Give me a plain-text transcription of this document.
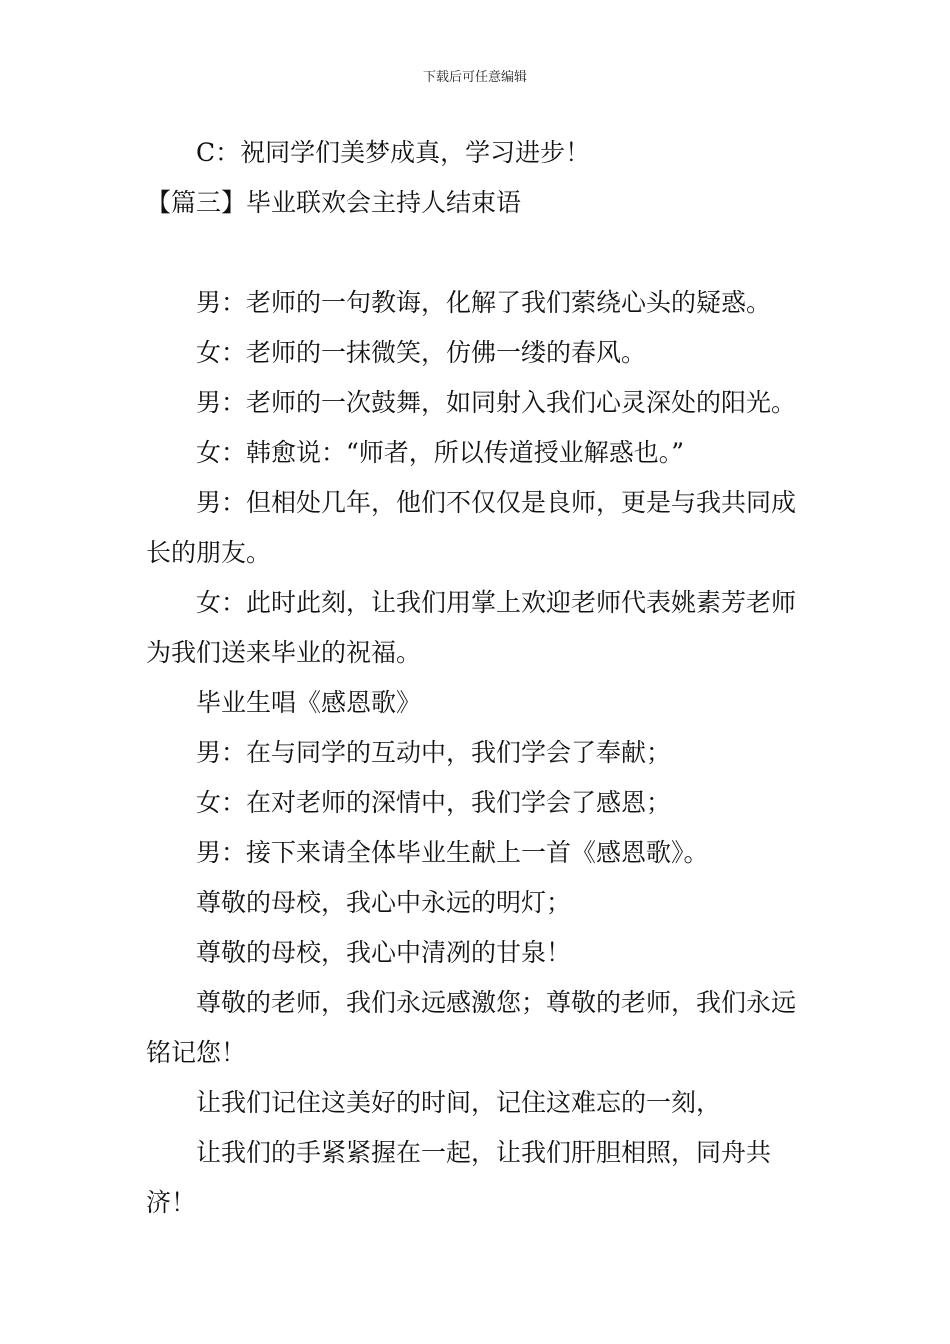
下载后可任意编辑

C：祝同学们美梦成真，学习进步！

【篇三】毕业联欢会主持人结束语

男：老师的一句教诲，化解了我们萦绕心头的疑惑。

女：老师的一抹微笑，仿佛一缕的春风。

男：老师的一次鼓舞，如同射入我们心灵深处的阳光。

女：韩愈说：“师者，所以传道授业解惑也。”

男：但相处几年，他们不仅仅是良师，更是与我共同成长的朋友。

女：此时此刻，让我们用掌上欢迎老师代表姚素芳老师为我们送来毕业的祝福。

毕业生唱《感恩歌》

男：在与同学的互动中，我们学会了奉献；

女：在对老师的深情中，我们学会了感恩；

男：接下来请全体毕业生献上一首《感恩歌》。

尊敬的母校，我心中永远的明灯；

尊敬的母校，我心中清冽的甘泉！

尊敬的老师，我们永远感激您；尊敬的老师，我们永远铭记您！

让我们记住这美好的时间，记住这难忘的一刻，

让我们的手紧紧握在一起，让我们肝胆相照，同舟共济！
